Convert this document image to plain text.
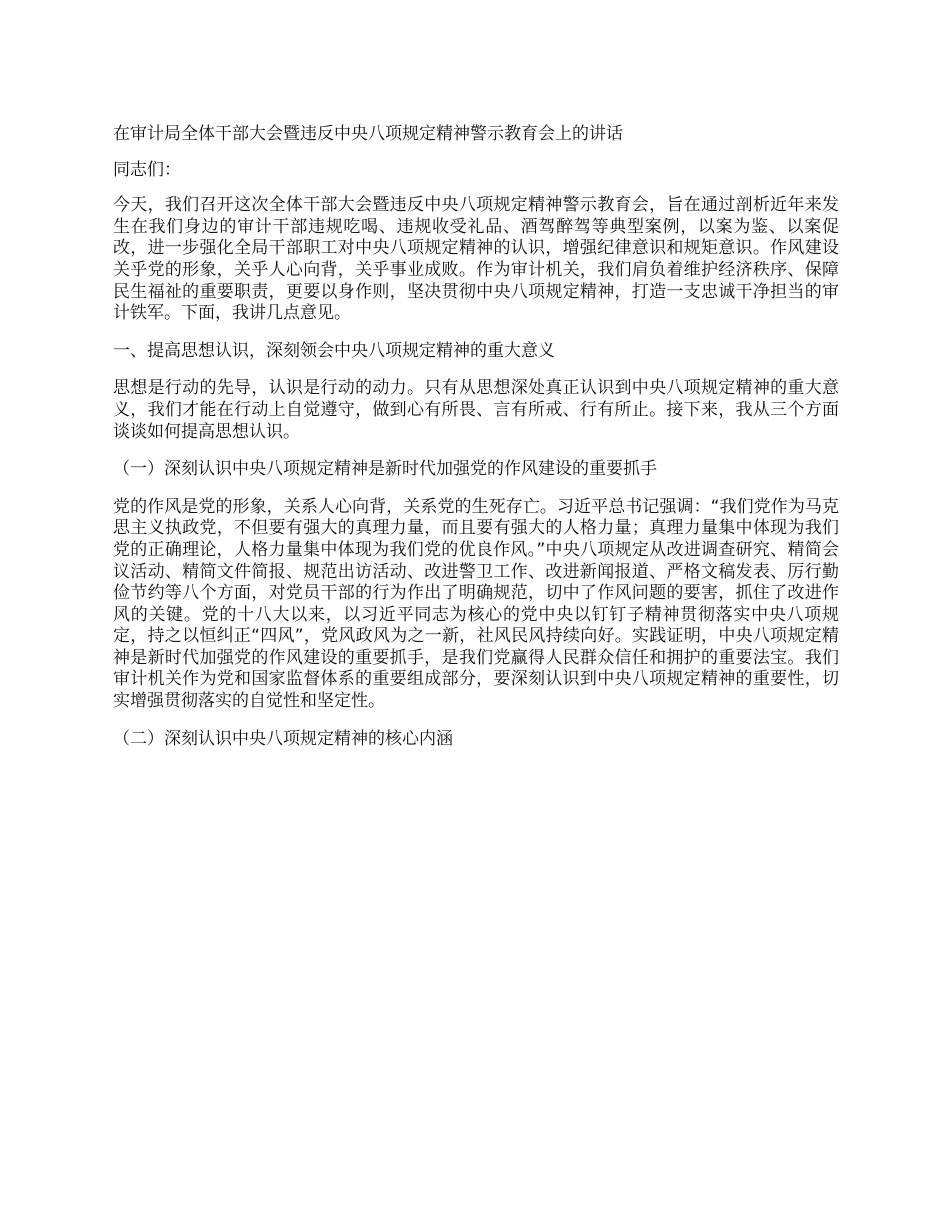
在审计局全体干部大会暨违反中央八项规定精神警示教育会上的讲话

同志们：

今天，我们召开这次全体干部大会暨违反中央八项规定精神警示教育会，旨在通过剖析近年来发生在我们身边的审计干部违规吃喝、违规收受礼品、酒驾醉驾等典型案例，以案为鉴、以案促改，进一步强化全局干部职工对中央八项规定精神的认识，增强纪律意识和规矩意识。作风建设关乎党的形象，关乎人心向背，关乎事业成败。作为审计机关，我们肩负着维护经济秩序、保障民生福祉的重要职责，更要以身作则，坚决贯彻中央八项规定精神，打造一支忠诚干净担当的审计铁军。下面，我讲几点意见。

一、提高思想认识，深刻领会中央八项规定精神的重大意义

思想是行动的先导，认识是行动的动力。只有从思想深处真正认识到中央八项规定精神的重大意义，我们才能在行动上自觉遵守，做到心有所畏、言有所戒、行有所止。接下来，我从三个方面谈谈如何提高思想认识。

（一）深刻认识中央八项规定精神是新时代加强党的作风建设的重要抓手

党的作风是党的形象，关系人心向背，关系党的生死存亡。习近平总书记强调：“我们党作为马克思主义执政党，不但要有强大的真理力量，而且要有强大的人格力量；真理力量集中体现为我们党的正确理论，人格力量集中体现为我们党的优良作风。”中央八项规定从改进调查研究、精简会议活动、精简文件简报、规范出访活动、改进警卫工作、改进新闻报道、严格文稿发表、厉行勤俭节约等八个方面，对党员干部的行为作出了明确规范，切中了作风问题的要害，抓住了改进作风的关键。党的十八大以来，以习近平同志为核心的党中央以钉钉子精神贯彻落实中央八项规定，持之以恒纠正“四风”，党风政风为之一新，社风民风持续向好。实践证明，中央八项规定精神是新时代加强党的作风建设的重要抓手，是我们党赢得人民群众信任和拥护的重要法宝。我们审计机关作为党和国家监督体系的重要组成部分，要深刻认识到中央八项规定精神的重要性，切实增强贯彻落实的自觉性和坚定性。

（二）深刻认识中央八项规定精神的核心内涵
